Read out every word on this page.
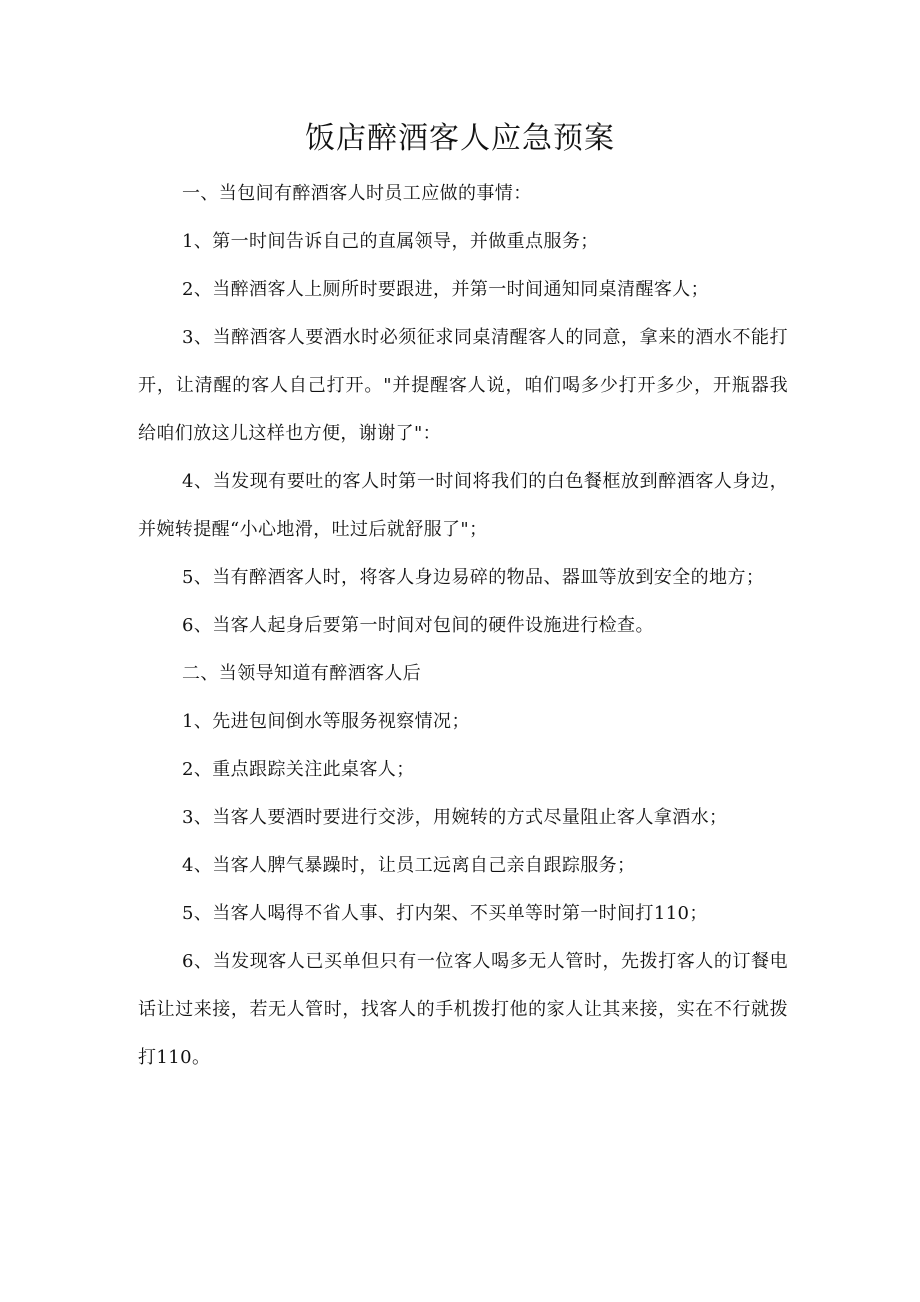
饭店醉酒客人应急预案

一、当包间有醉酒客人时员工应做的事情：

1、第一时间告诉自己的直属领导，并做重点服务；

2、当醉酒客人上厕所时要跟进，并第一时间通知同桌清醒客人；

3、当醉酒客人要酒水时必须征求同桌清醒客人的同意，拿来的酒水不能打开，让清醒的客人自己打开。"并提醒客人说，咱们喝多少打开多少，开瓶器我给咱们放这儿这样也方便，谢谢了"：

4、当发现有要吐的客人时第一时间将我们的白色餐框放到醉酒客人身边，并婉转提醒“小心地滑，吐过后就舒服了"；

5、当有醉酒客人时，将客人身边易碎的物品、器皿等放到安全的地方；

6、当客人起身后要第一时间对包间的硬件设施进行检查。

二、当领导知道有醉酒客人后

1、先进包间倒水等服务视察情况；

2、重点跟踪关注此桌客人；

3、当客人要酒时要进行交涉，用婉转的方式尽量阻止客人拿酒水；

4、当客人脾气暴躁时，让员工远离自己亲自跟踪服务；

5、当客人喝得不省人事、打内架、不买单等时第一时间打110；

6、当发现客人已买单但只有一位客人喝多无人管时，先拨打客人的订餐电话让过来接，若无人管时，找客人的手机拨打他的家人让其来接，实在不行就拨打110。
